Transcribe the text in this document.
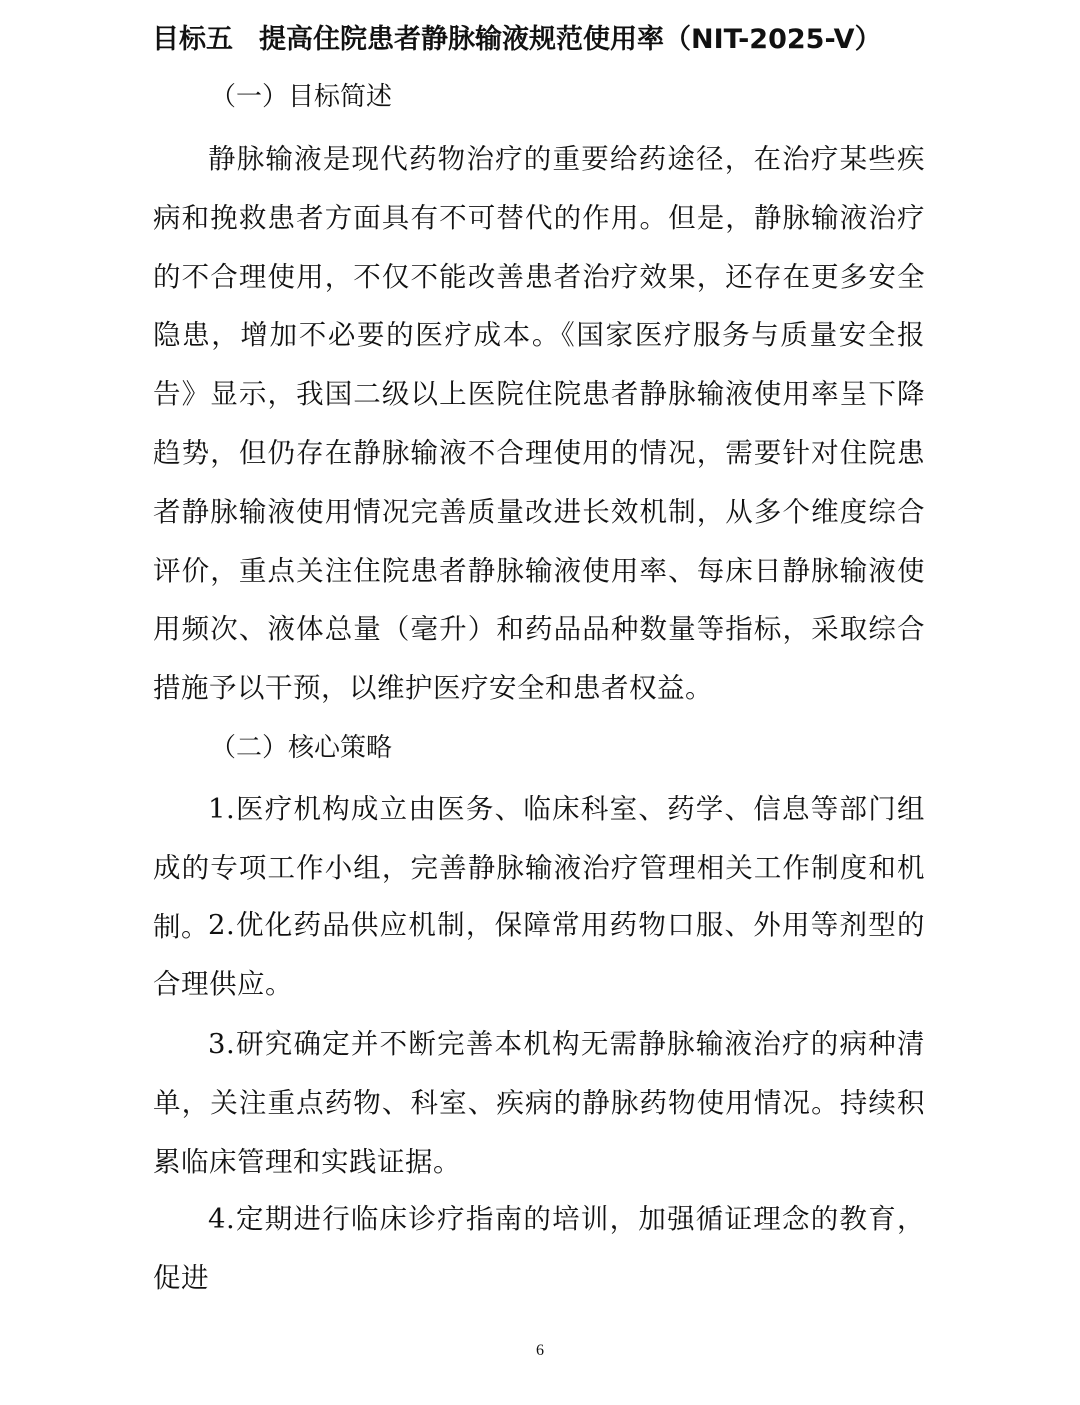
目标五 提高住院患者静脉输液规范使用率（NIT-2025-V）
（一）目标简述

静脉输液是现代药物治疗的重要给药途径，在治疗某些疾病和挽救患者方面具有不可替代的作用。但是，静脉输液治疗的不合理使用，不仅不能改善患者治疗效果，还存在更多安全隐患，增加不必要的医疗成本。《国家医疗服务与质量安全报告》显示，我国二级以上医院住院患者静脉输液使用率呈下降趋势，但仍存在静脉输液不合理使用的情况，需要针对住院患者静脉输液使用情况完善质量改进长效机制，从多个维度综合评价，重点关注住院患者静脉输液使用率、每床日静脉输液使用频次、液体总量（毫升）和药品品种数量等指标，采取综合措施予以干预，以维护医疗安全和患者权益。

（二）核心策略

1.医疗机构成立由医务、临床科室、药学、信息等部门组成的专项工作小组，完善静脉输液治疗管理相关工作制度和机制。 2.优化药品供应机制，保障常用药物口服、外用等剂型的合理供应。

3.研究确定并不断完善本机构无需静脉输液治疗的病种清单，关注重点药物、科室、疾病的静脉药物使用情况。持续积累临床管理和实践证据。

4.定期进行临床诊疗指南的培训，加强循证理念的教育，促进

6
